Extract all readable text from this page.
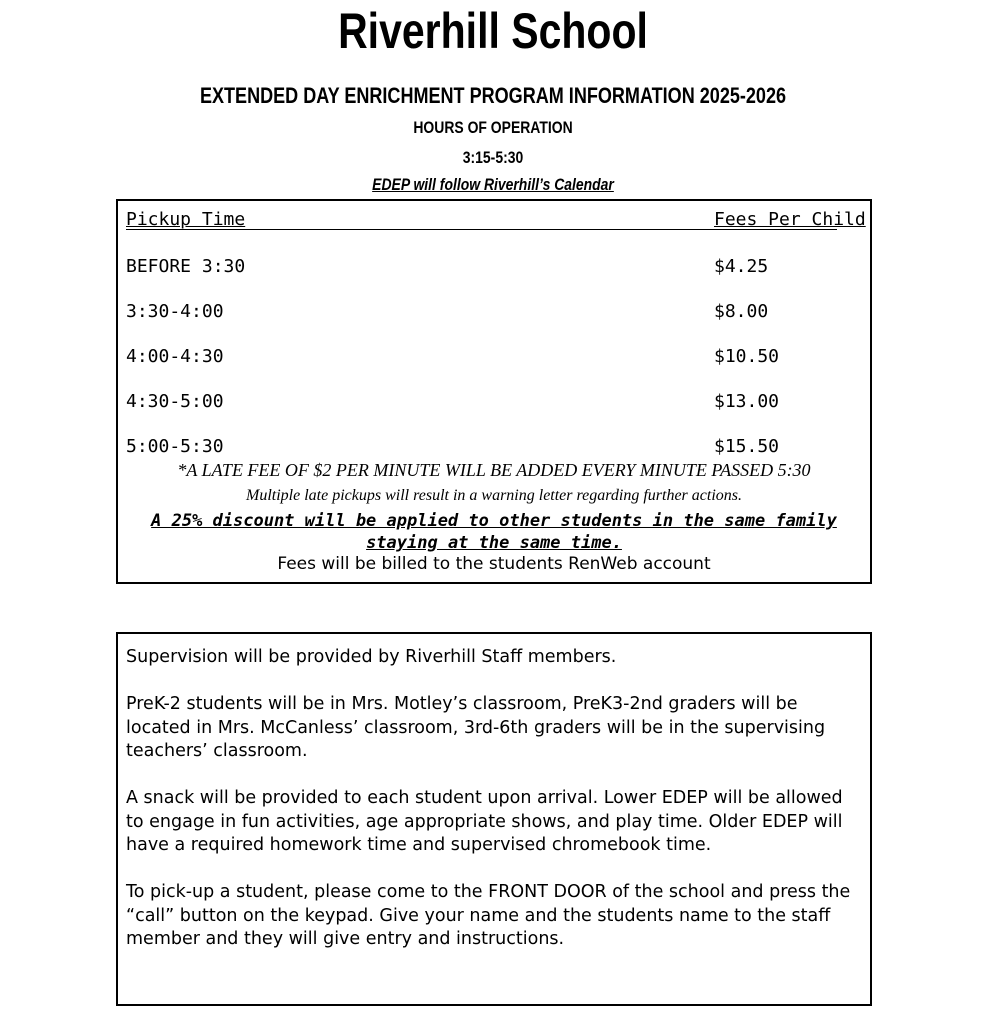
Riverhill School
EXTENDED DAY ENRICHMENT PROGRAM INFORMATION 2025-2026
HOURS OF OPERATION
3:15-5:30
EDEP will follow Riverhill’s Calendar
Pickup Time	Fees Per Child
BEFORE 3:30	$4.25
3:30-4:00	$8.00
4:00-4:30	$10.50
4:30-5:00	$13.00
5:00-5:30	$15.50
*A LATE FEE OF $2 PER MINUTE WILL BE ADDED EVERY MINUTE PASSED 5:30
Multiple late pickups will result in a warning letter regarding further actions.
A 25% discount will be applied to other students in the same family staying at the same time.
Fees will be billed to the students RenWeb account

Supervision will be provided by Riverhill Staff members.

PreK-2 students will be in Mrs. Motley’s classroom, PreK3-2nd graders will be located in Mrs. McCanless’ classroom, 3rd-6th graders will be in the supervising teachers’ classroom.

A snack will be provided to each student upon arrival. Lower EDEP will be allowed to engage in fun activities, age appropriate shows, and play time. Older EDEP will have a required homework time and supervised chromebook time.

To pick-up a student, please come to the FRONT DOOR of the school and press the “call” button on the keypad. Give your name and the students name to the staff member and they will give entry and instructions.
